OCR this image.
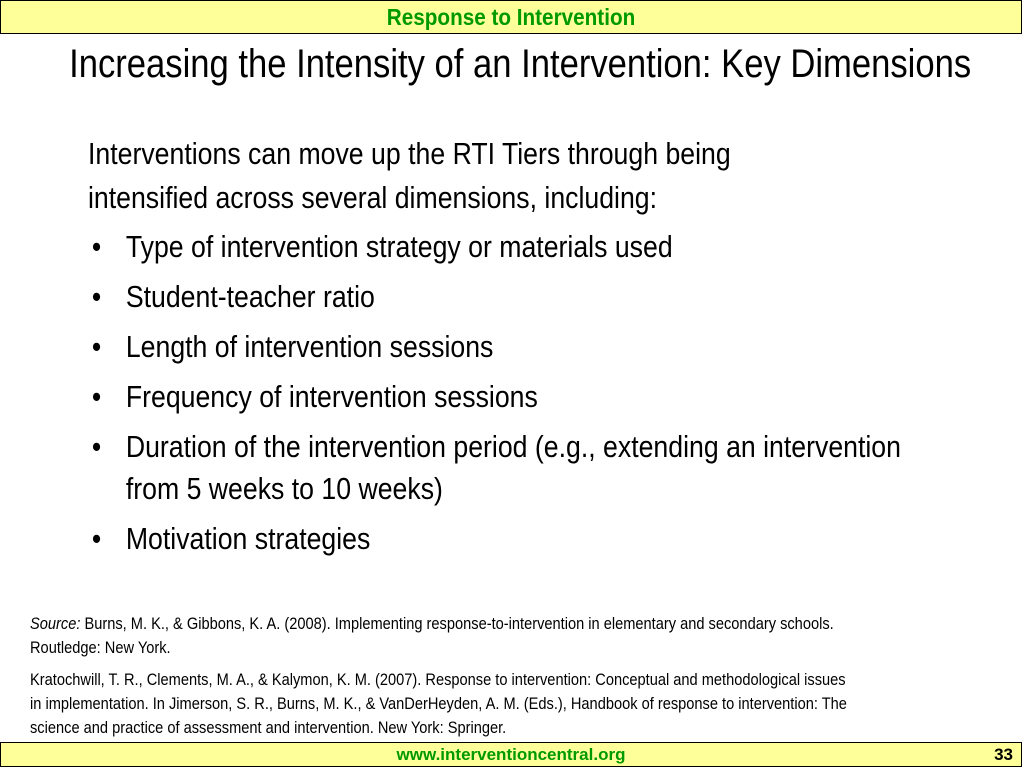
Response to Intervention
Increasing the Intensity of an Intervention: Key Dimensions
Interventions can move up the RTI Tiers through being
intensified across several dimensions, including:
• Type of intervention strategy or materials used
• Student-teacher ratio
• Length of intervention sessions
• Frequency of intervention sessions
• Duration of the intervention period (e.g., extending an intervention
from 5 weeks to 10 weeks)
• Motivation strategies

Source: Burns, M. K., & Gibbons, K. A. (2008). Implementing response-to-intervention in elementary and secondary schools.
Routledge: New York.

Kratochwill, T. R., Clements, M. A., & Kalymon, K. M. (2007). Response to intervention: Conceptual and methodological issues
in implementation. In Jimerson, S. R., Burns, M. K., & VanDerHeyden, A. M. (Eds.), Handbook of response to intervention: The
science and practice of assessment and intervention. New York: Springer.

www.interventioncentral.org	33
